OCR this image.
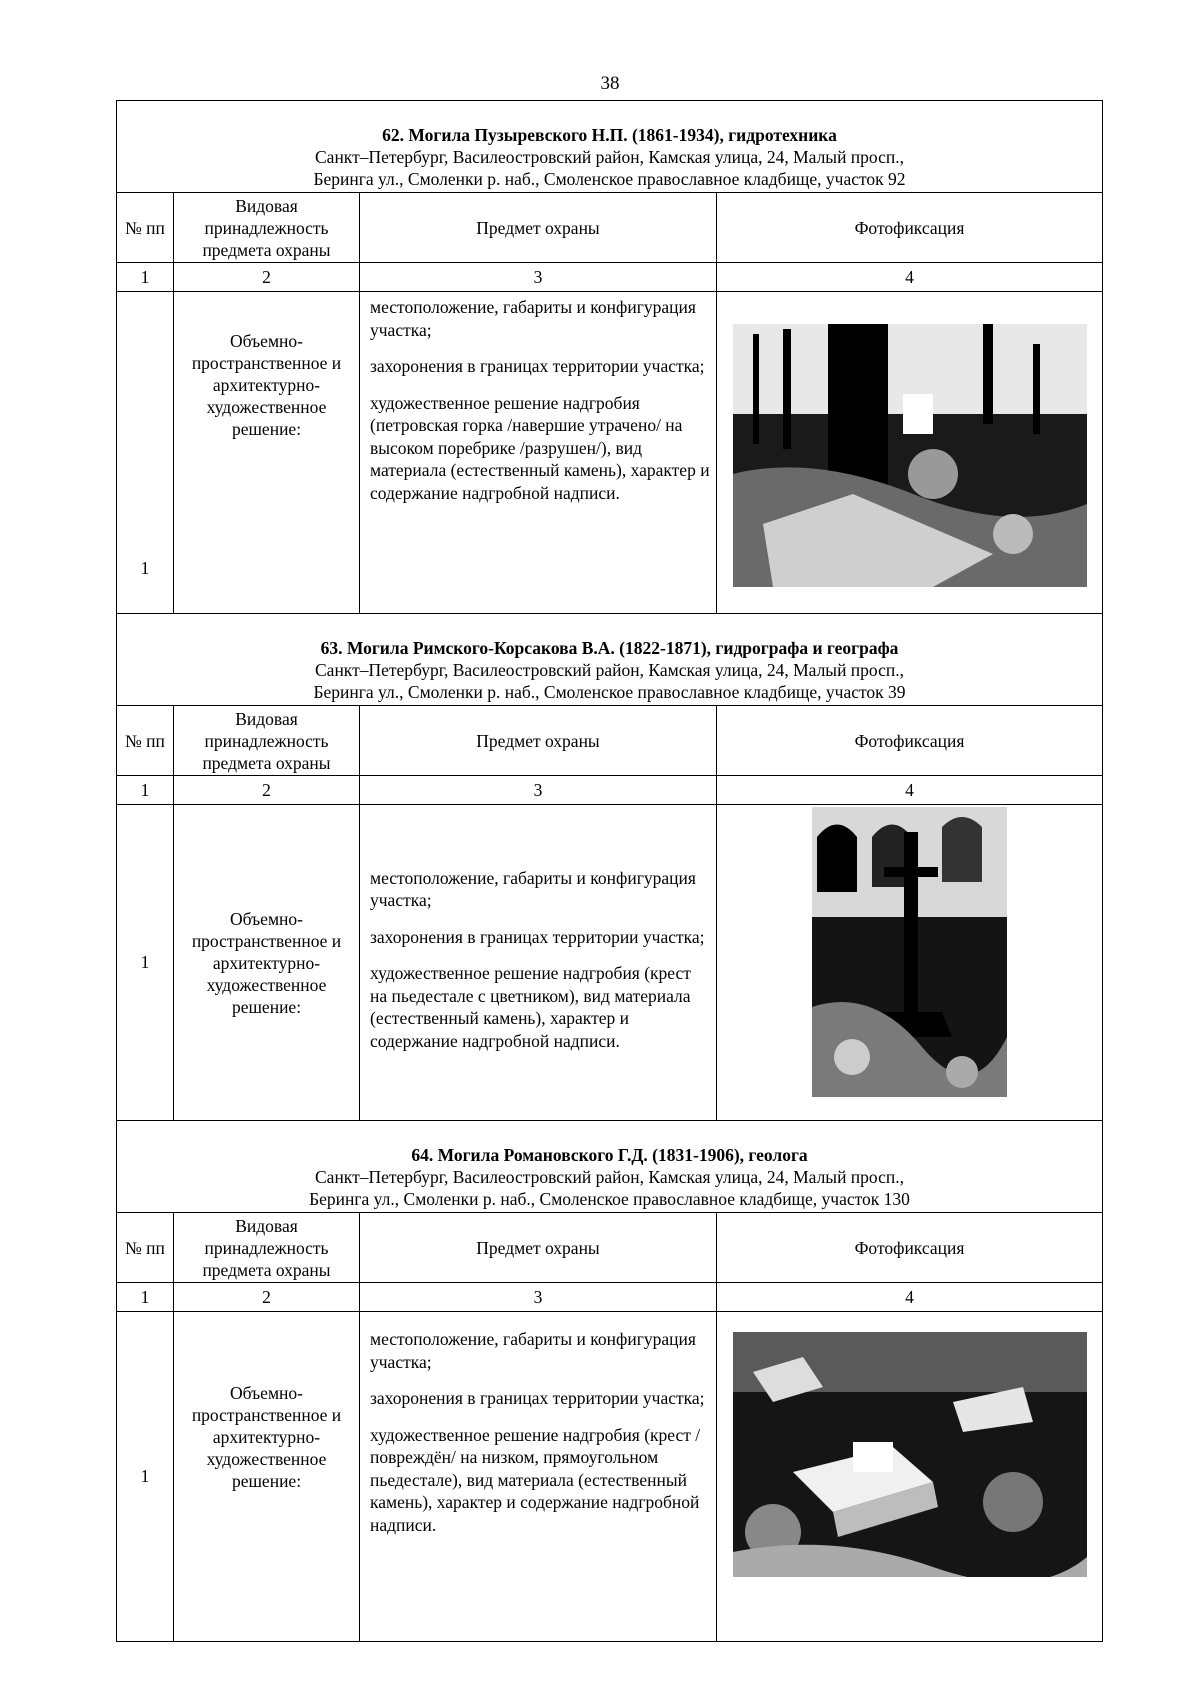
38
62. Могила Пузыревского Н.П. (1861-1934), гидротехника
Санкт–Петербург, Василеостровский район, Камская улица, 24, Малый просп.,
Беринга ул., Смоленки р. наб., Смоленское православное кладбище, участок 92			

№ пп	Видовая принадлежность предмета охраны	Предмет охраны	Фотофиксация
1	2	3	4
1	Объемно-пространственное и архитектурно-художественное решение:	местоположение, габариты и конфигурация участка;

захоронения в границах территории участка;

художественное решение надгробия (петровская горка /навершие утрачено/ на высоком поребрике /разрушен/), вид материала (естественный камень), характер и содержание надгробной надписи.

63. Могила Римского-Корсакова В.А. (1822-1871), гидрографа и географа
Санкт–Петербург, Василеостровский район, Камская улица, 24, Малый просп.,
Беринга ул., Смоленки р. наб., Смоленское православное кладбище, участок 39			

№ пп	Видовая принадлежность предмета охраны	Предмет охраны	Фотофиксация
1	2	3	4
1	Объемно-пространственное и архитектурно-художественное решение:	местоположение, габариты и конфигурация участка;

захоронения в границах территории участка;

художественное решение надгробия (крест на пьедестале с цветником), вид материала (естественный камень), характер и содержание надгробной надписи.

64. Могила Романовского Г.Д. (1831-1906), геолога
Санкт–Петербург, Василеостровский район, Камская улица, 24, Малый просп.,
Беринга ул., Смоленки р. наб., Смоленское православное кладбище, участок 130			

№ пп	Видовая принадлежность предмета охраны	Предмет охраны	Фотофиксация
1	2	3	4
1	Объемно-пространственное и архитектурно-художественное решение:	местоположение, габариты и конфигурация участка;

захоронения в границах территории участка;

художественное решение надгробия (крест /повреждён/ на низком, прямоугольном пьедестале), вид материала (естественный камень), характер и содержание надгробной надписи.
